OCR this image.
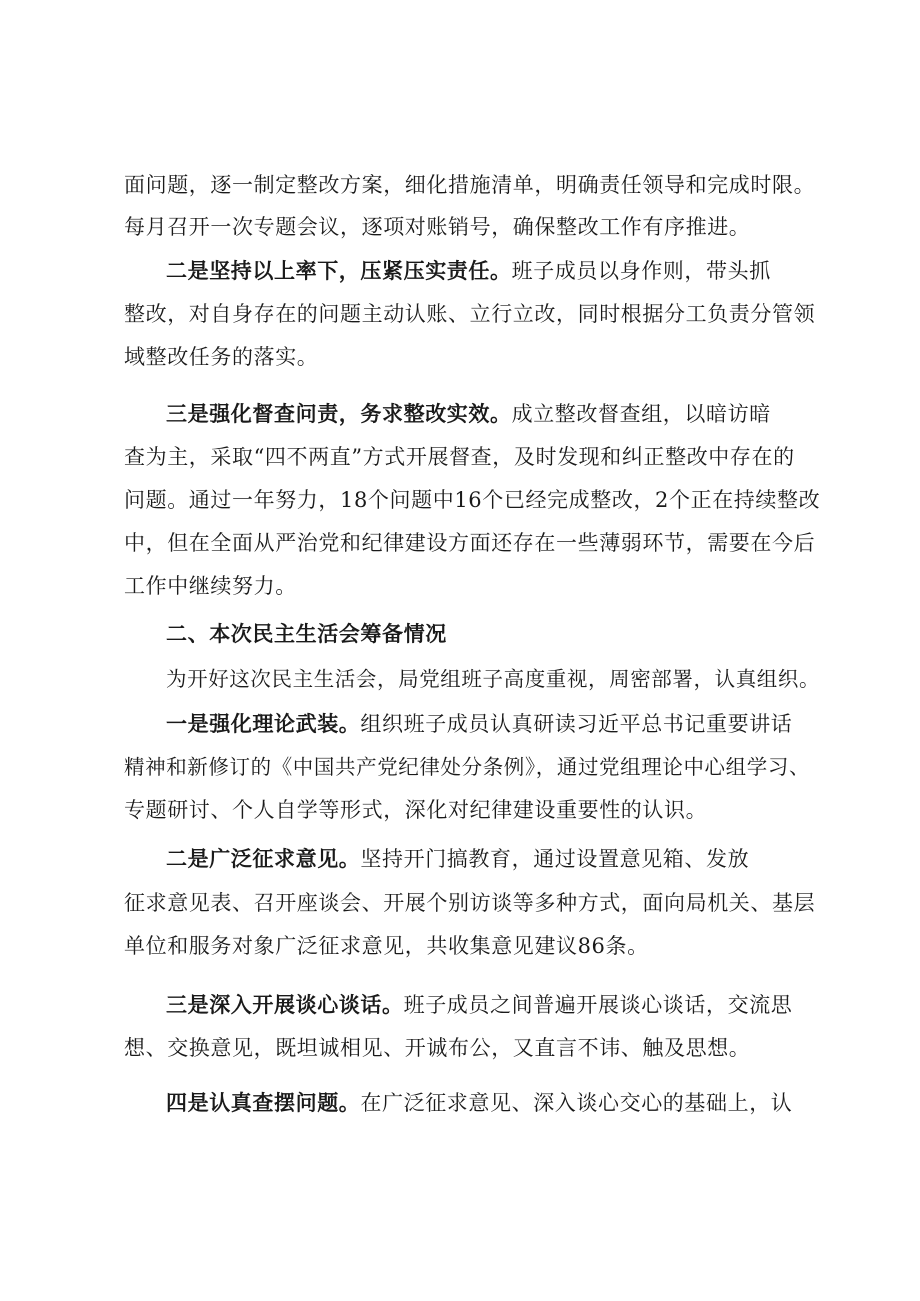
面问题，逐一制定整改方案，细化措施清单，明确责任领导和完成时限。
每月召开一次专题会议，逐项对账销号，确保整改工作有序推进。
二是坚持以上率下，压紧压实责任。班子成员以身作则，带头抓
整改，对自身存在的问题主动认账、立行立改，同时根据分工负责分管领
域整改任务的落实。
三是强化督查问责，务求整改实效。成立整改督查组，以暗访暗
查为主，采取“四不两直”方式开展督查，及时发现和纠正整改中存在的
问题。通过一年努力，18个问题中16个已经完成整改，2个正在持续整改
中，但在全面从严治党和纪律建设方面还存在一些薄弱环节，需要在今后
工作中继续努力。
二、本次民主生活会筹备情况
为开好这次民主生活会，局党组班子高度重视，周密部署，认真组织。
一是强化理论武装。组织班子成员认真研读习近平总书记重要讲话
精神和新修订的《中国共产党纪律处分条例》，通过党组理论中心组学习、
专题研讨、个人自学等形式，深化对纪律建设重要性的认识。
二是广泛征求意见。坚持开门搞教育，通过设置意见箱、发放
征求意见表、召开座谈会、开展个别访谈等多种方式，面向局机关、基层
单位和服务对象广泛征求意见，共收集意见建议86条。
三是深入开展谈心谈话。班子成员之间普遍开展谈心谈话，交流思
想、交换意见，既坦诚相见、开诚布公，又直言不讳、触及思想。
四是认真查摆问题。在广泛征求意见、深入谈心交心的基础上，认
